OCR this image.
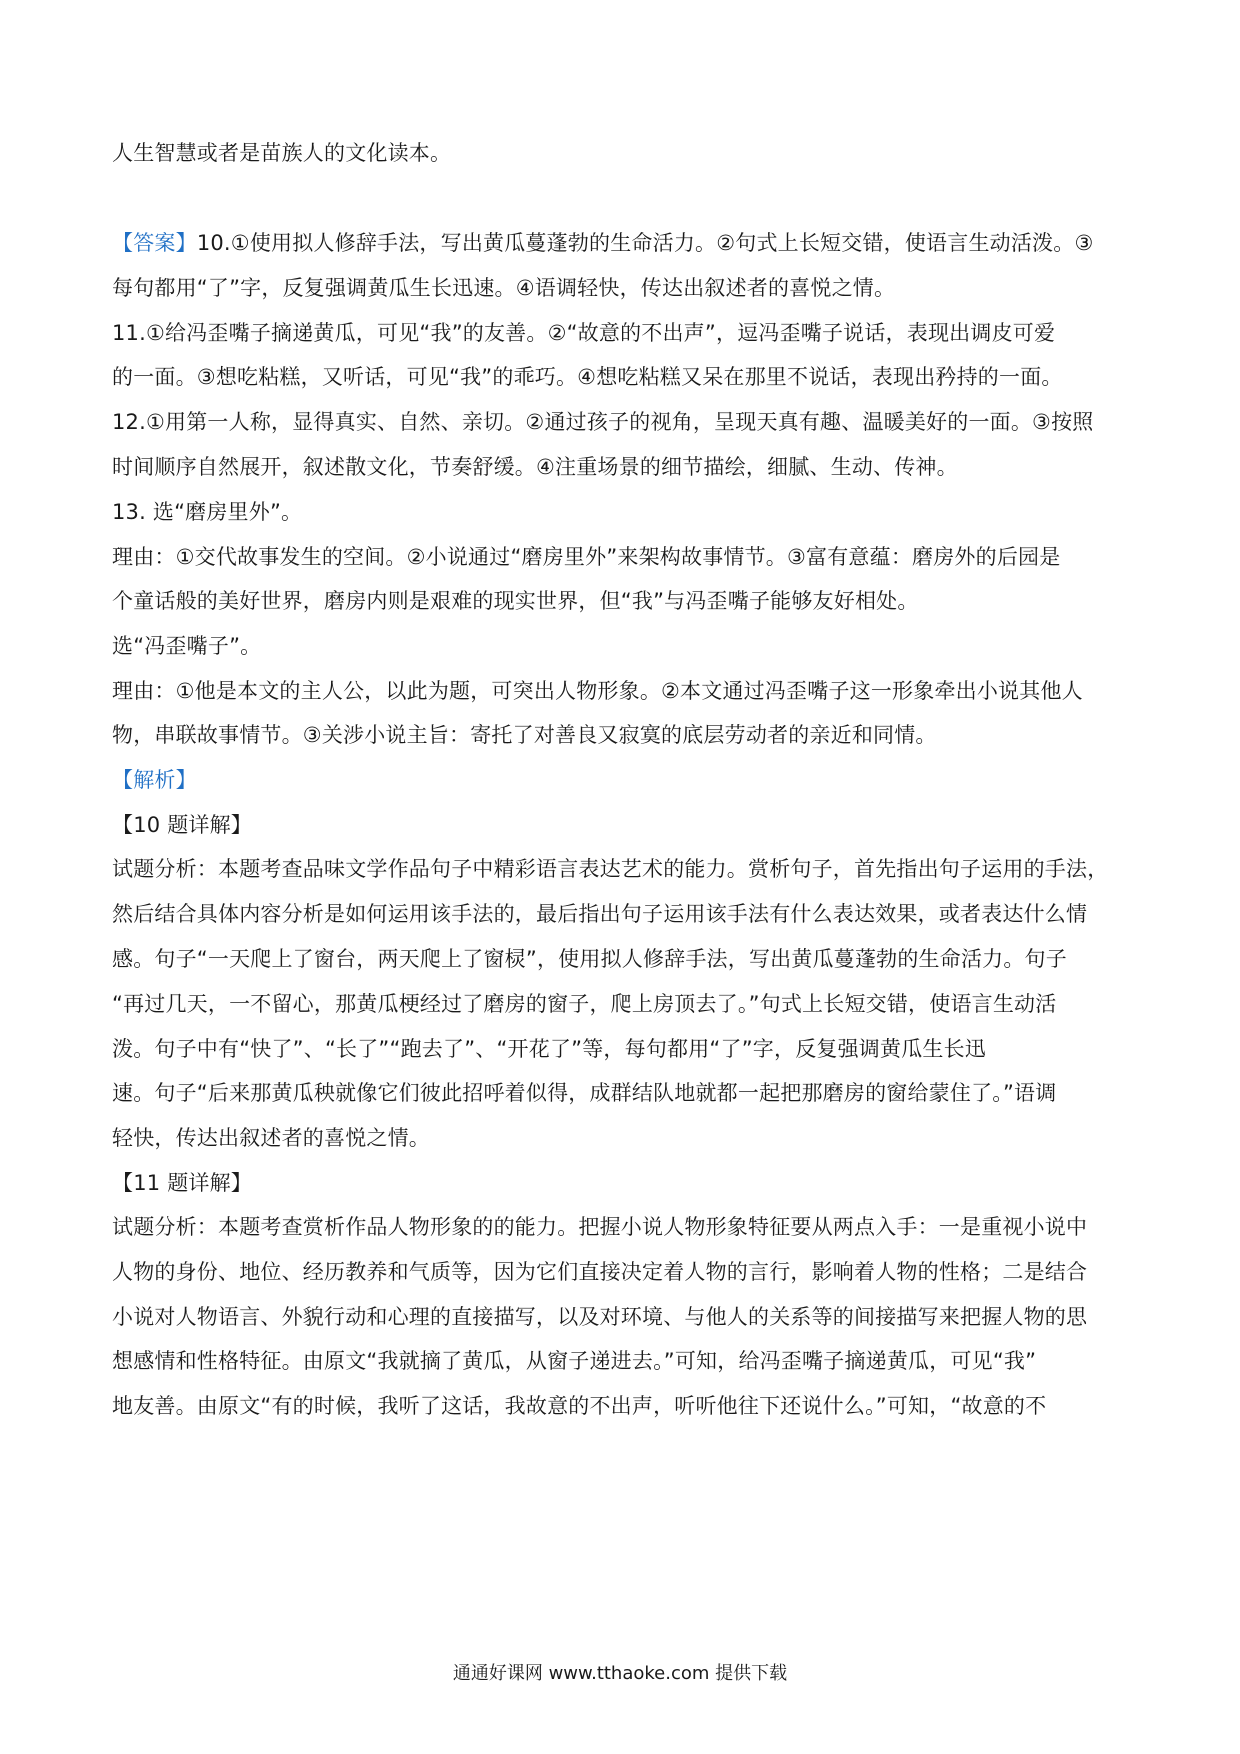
人生智慧或者是苗族人的文化读本。
【答案】10.①使用拟人修辞手法，写出黄瓜蔓蓬勃的生命活力。②句式上长短交错，使语言生动活泼。③
每句都用“了”字，反复强调黄瓜生长迅速。④语调轻快，传达出叙述者的喜悦之情。
11.①给冯歪嘴子摘递黄瓜，可见“我”的友善。②“故意的不出声”，逗冯歪嘴子说话，表现出调皮可爱
的一面。③想吃粘糕，又听话，可见“我”的乖巧。④想吃粘糕又呆在那里不说话，表现出矜持的一面。
12.①用第一人称，显得真实、自然、亲切。②通过孩子的视角，呈现天真有趣、温暖美好的一面。③按照
时间顺序自然展开，叙述散文化，节奏舒缓。④注重场景的细节描绘，细腻、生动、传神。
13. 选“磨房里外”。
理由：①交代故事发生的空间。②小说通过“磨房里外”来架构故事情节。③富有意蕴：磨房外的后园是
个童话般的美好世界，磨房内则是艰难的现实世界，但“我”与冯歪嘴子能够友好相处。
选“冯歪嘴子”。
理由：①他是本文的主人公，以此为题，可突出人物形象。②本文通过冯歪嘴子这一形象牵出小说其他人
物，串联故事情节。③关涉小说主旨：寄托了对善良又寂寞的底层劳动者的亲近和同情。
【解析】
【10 题详解】
试题分析：本题考查品味文学作品句子中精彩语言表达艺术的能力。赏析句子，首先指出句子运用的手法，
然后结合具体内容分析是如何运用该手法的，最后指出句子运用该手法有什么表达效果，或者表达什么情
感。句子“一天爬上了窗台，两天爬上了窗棂”，使用拟人修辞手法，写出黄瓜蔓蓬勃的生命活力。句子
“再过几天，一不留心，那黄瓜梗经过了磨房的窗子，爬上房顶去了。”句式上长短交错，使语言生动活
泼。句子中有“快了”、“长了”“跑去了”、“开花了”等，每句都用“了”字，反复强调黄瓜生长迅
速。句子“后来那黄瓜秧就像它们彼此招呼着似得，成群结队地就都一起把那磨房的窗给蒙住了。”语调
轻快，传达出叙述者的喜悦之情。
【11 题详解】
试题分析：本题考查赏析作品人物形象的的能力。把握小说人物形象特征要从两点入手：一是重视小说中
人物的身份、地位、经历教养和气质等，因为它们直接决定着人物的言行，影响着人物的性格；二是结合
小说对人物语言、外貌行动和心理的直接描写，以及对环境、与他人的关系等的间接描写来把握人物的思
想感情和性格特征。由原文“我就摘了黄瓜，从窗子递进去。”可知，给冯歪嘴子摘递黄瓜，可见“我”
地友善。由原文“有的时候，我听了这话，我故意的不出声，听听他往下还说什么。”可知，“故意的不
通通好课网 www.tthaoke.com 提供下载
